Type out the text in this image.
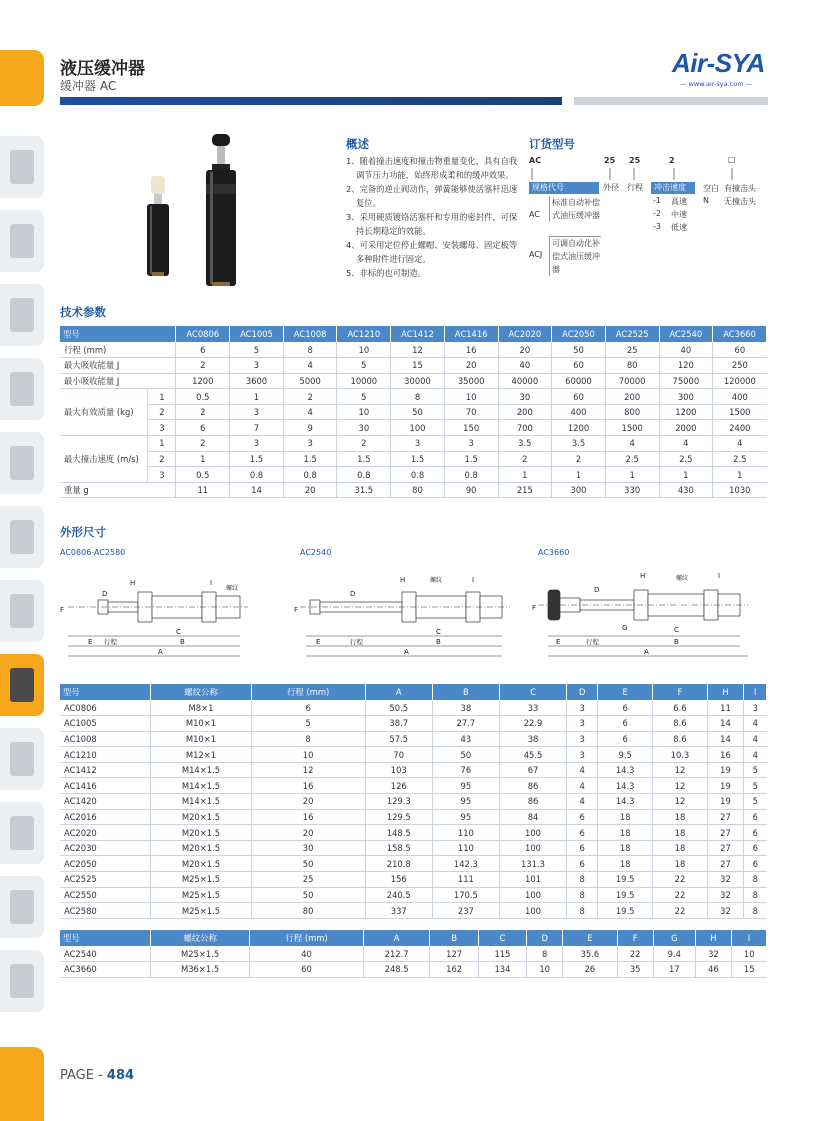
液压缓冲器
缓冲器 AC
Air-SYA
— www.air-sya.com —
概述
1、随着撞击速度和撞击物重量变化，具有自我调节压力功能，始终形成柔和的缓冲效果。
2、完备的逆止阀动作，弹簧能够使活塞杆迅速复位。
3、采用硬质镀铬活塞杆和专用的密封件，可保持长期稳定的效能。
4、可采用定位停止螺帽、安装螺母、固定板等多种附件进行固定。
5、非标的也可制造。
订货型号
AC	25 25	2	□
规格代号	外径 行程	冲击速度
AC
标准自动补偿式油压缓冲器
ACJ
可调自动化补偿式油压缓冲器
-1 高速
-2 中速
-3 低速
空白 有撞击头
N 无撞击头
技术参数
型号		AC0806	AC1005	AC1008	AC1210	AC1412	AC1416	AC2020	AC2050	AC2525	AC2540	AC3660
行程 (mm)		6	5	8	10	12	16	20	50	25	40	60
最大吸收能量 J		2	3	4	5	15	20	40	60	80	120	250
最小吸收能量 J		1200	3600	5000	10000	30000	35000	40000	60000	70000	75000	120000
最大有效质量 (kg)	1	0.5	1	2	5	8	10	30	60	200	300	400
	2	2	3	4	10	50	70	200	400	800	1200	1500
	3	6	7	9	30	100	150	700	1200	1500	2000	2400
最大撞击速度 (m/s)	1	2	3	3	2	3	3	3.5	3.5	4	4	4
	2	1	1.5	1.5	1.5	1.5	1.5	2	2	2.5	2.5	2.5
	3	0.5	0.8	0.8	0.8	0.8	0.8	1	1	1	1	1
重量 g		11	14	20	31.5	80	90	215	300	330	430	1030
外形尺寸
AC0806-AC2580	AC2540	AC3660
H	I
螺纹
F
D
E 行程
C
B
A
H	I
螺纹
F
D
E	行程
C
B
A
H	I
螺纹
F
D
G
E	行程
C
B
A
型号	螺纹公称	行程 (mm)	A	B	C	D	E	F	H	I
AC0806	M8×1	6	50.5	38	33	3	6	6.6	11	3
AC1005	M10×1	5	38.7	27.7	22.9	3	6	8.6	14	4
AC1008	M10×1	8	57.5	43	38	3	6	8.6	14	4
AC1210	M12×1	10	70	50	45.5	3	9.5	10.3	16	4
AC1412	M14×1.5	12	103	76	67	4	14.3	12	19	5
AC1416	M14×1.5	16	126	95	86	4	14.3	12	19	5
AC1420	M14×1.5	20	129.3	95	86	4	14.3	12	19	5
AC2016	M20×1.5	16	129.5	95	84	6	18	18	27	6
AC2020	M20×1.5	20	148.5	110	100	6	18	18	27	6
AC2030	M20×1.5	30	158.5	110	100	6	18	18	27	6
AC2050	M20×1.5	50	210.8	142.3	131.3	6	18	18	27	6
AC2525	M25×1.5	25	156	111	101	8	19.5	22	32	8
AC2550	M25×1.5	50	240.5	170.5	100	8	19.5	22	32	8
AC2580	M25×1.5	80	337	237	100	8	19.5	22	32	8
型号	螺纹公称	行程 (mm)	A	B	C	D	E	F	G	H	I
AC2540	M25×1.5	40	212.7	127	115	8	35.6	22	9.4	32	10
AC3660	M36×1.5	60	248.5	162	134	10	26	35	17	46	15
PAGE - 484
